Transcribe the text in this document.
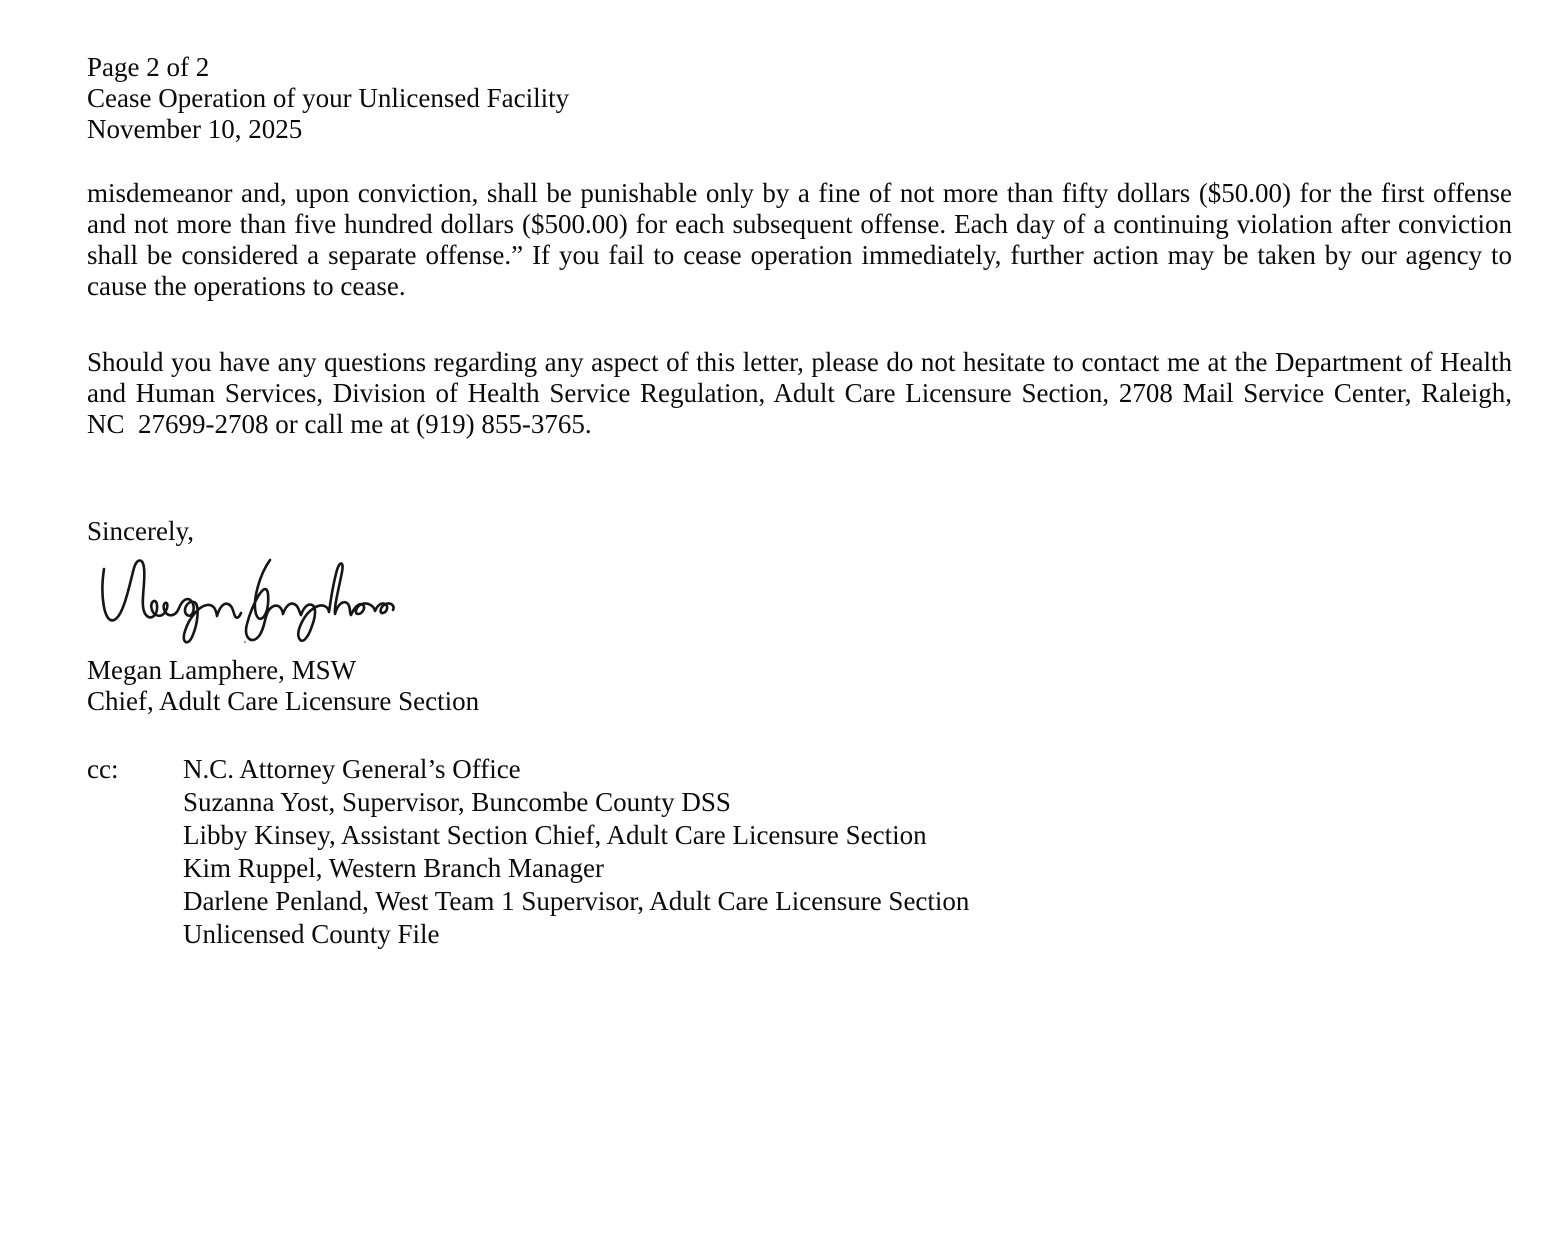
Page 2 of 2
Cease Operation of your Unlicensed Facility
November 10, 2025

misdemeanor and, upon conviction, shall be punishable only by a fine of not more than fifty dollars ($50.00) for the first offense and not more than five hundred dollars ($500.00) for each subsequent offense. Each day of a continuing violation after conviction shall be considered a separate offense.” If you fail to cease operation immediately, further action may be taken by our agency to cause the operations to cease.

Should you have any questions regarding any aspect of this letter, please do not hesitate to contact me at the Department of Health and Human Services, Division of Health Service Regulation, Adult Care Licensure Section, 2708 Mail Service Center, Raleigh, NC  27699-2708 or call me at (919) 855-3765.

Sincerely,
Megan Lamphere, MSW
Chief, Adult Care Licensure Section
cc:	N.C. Attorney General’s Office
Suzanna Yost, Supervisor, Buncombe County DSS
Libby Kinsey, Assistant Section Chief, Adult Care Licensure Section
Kim Ruppel, Western Branch Manager
Darlene Penland, West Team 1 Supervisor, Adult Care Licensure Section
Unlicensed County File
